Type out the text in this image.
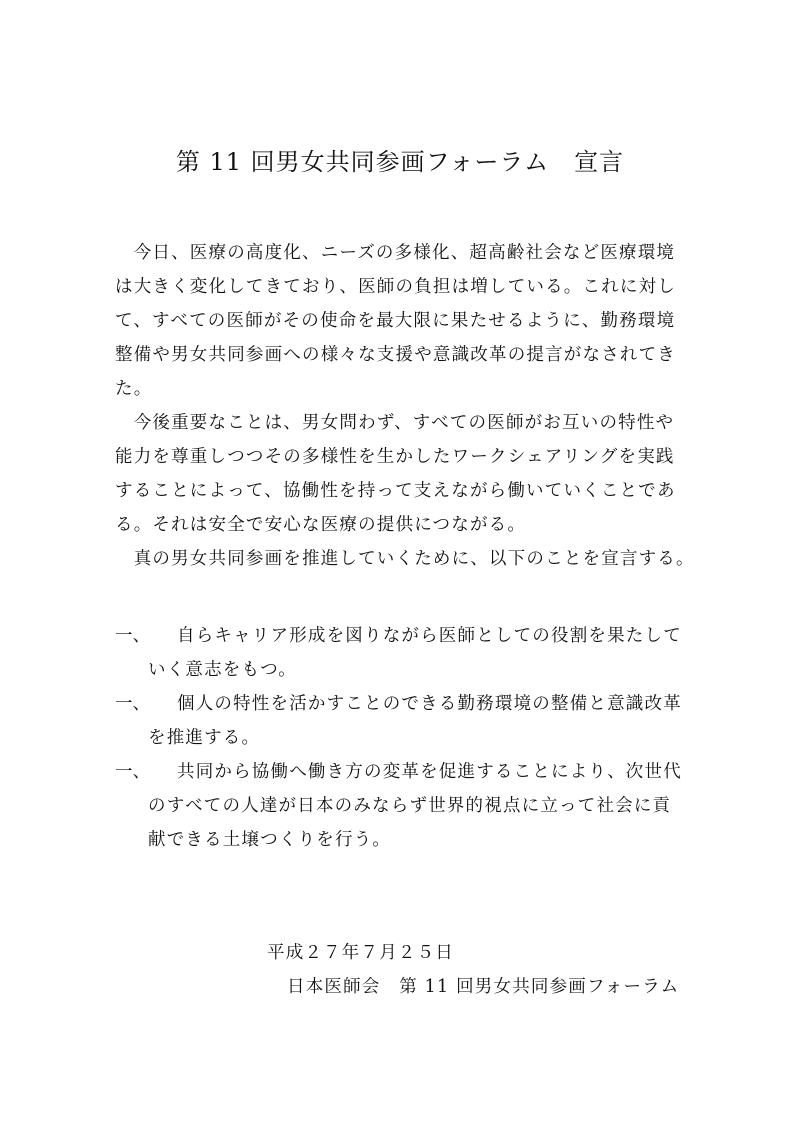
第 11 回男女共同参画フォーラム　宣言
　今日、医療の高度化、ニーズの多様化、超高齢社会など医療環境
は大きく変化してきており、医師の負担は増している。これに対し
て、すべての医師がその使命を最大限に果たせるように、勤務環境
整備や男女共同参画への様々な支援や意識改革の提言がなされてき
た。
　今後重要なことは、男女問わず、すべての医師がお互いの特性や
能力を尊重しつつその多様性を生かしたワークシェアリングを実践
することによって、協働性を持って支えながら働いていくことであ
る。それは安全で安心な医療の提供につながる。
　真の男女共同参画を推進していくために、以下のことを宣言する。
一、 自らキャリア形成を図りながら医師としての役割を果たして
いく意志をもつ。
一、 個人の特性を活かすことのできる勤務環境の整備と意識改革
を推進する。
一、 共同から協働へ働き方の変革を促進することにより、次世代
のすべての人達が日本のみならず世界的視点に立って社会に貢
献できる土壌つくりを行う。
平成２７年７月２５日
日本医師会　第 11 回男女共同参画フォーラム
